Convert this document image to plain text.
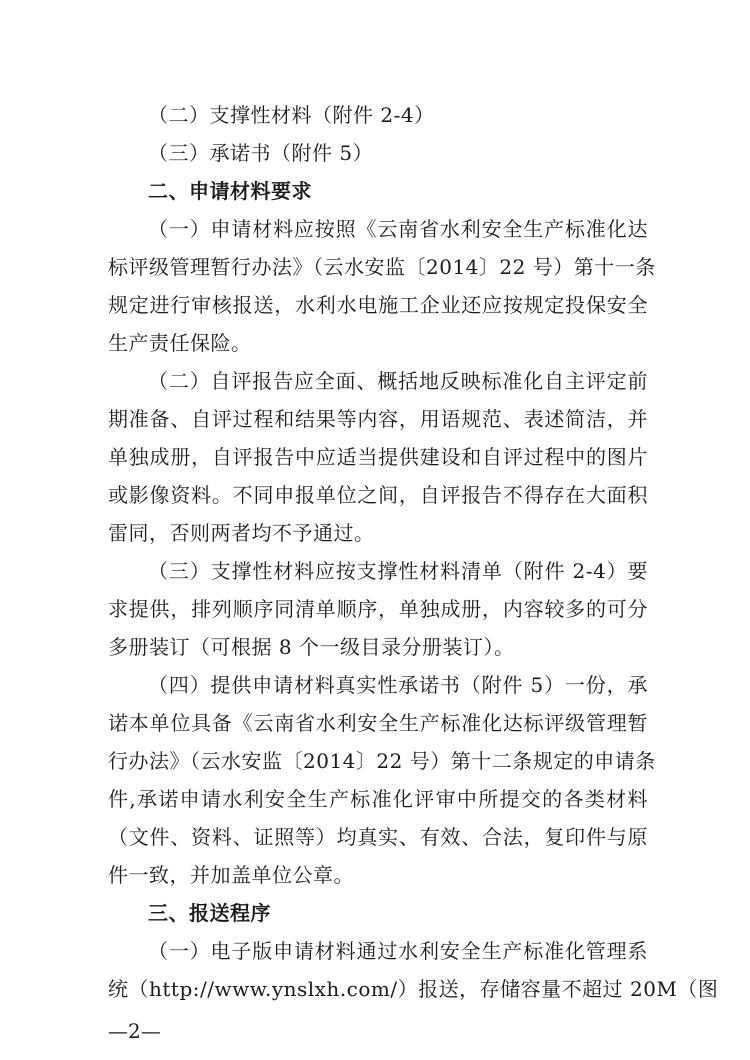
（二）支撑性材料（附件 2-4）
（三）承诺书（附件 5）
二、申请材料要求
（一）申请材料应按照《云南省水利安全生产标准化达
标评级管理暂行办法》（云水安监〔2014〕22 号）第十一条
规定进行审核报送，水利水电施工企业还应按规定投保安全
生产责任保险。
（二）自评报告应全面、概括地反映标准化自主评定前
期准备、自评过程和结果等内容，用语规范、表述简洁，并
单独成册，自评报告中应适当提供建设和自评过程中的图片
或影像资料。不同申报单位之间，自评报告不得存在大面积
雷同，否则两者均不予通过。
（三）支撑性材料应按支撑性材料清单（附件 2-4）要
求提供，排列顺序同清单顺序，单独成册，内容较多的可分
多册装订（可根据 8 个一级目录分册装订）。
（四）提供申请材料真实性承诺书（附件 5）一份，承
诺本单位具备《云南省水利安全生产标准化达标评级管理暂
行办法》（云水安监〔2014〕22 号）第十二条规定的申请条
件,承诺申请水利安全生产标准化评审中所提交的各类材料
（文件、资料、证照等）均真实、有效、合法，复印件与原
件一致，并加盖单位公章。
三、报送程序
（一）电子版申请材料通过水利安全生产标准化管理系
统（http://www.ynslxh.com/）报送，存储容量不超过 20M（图
—2—
